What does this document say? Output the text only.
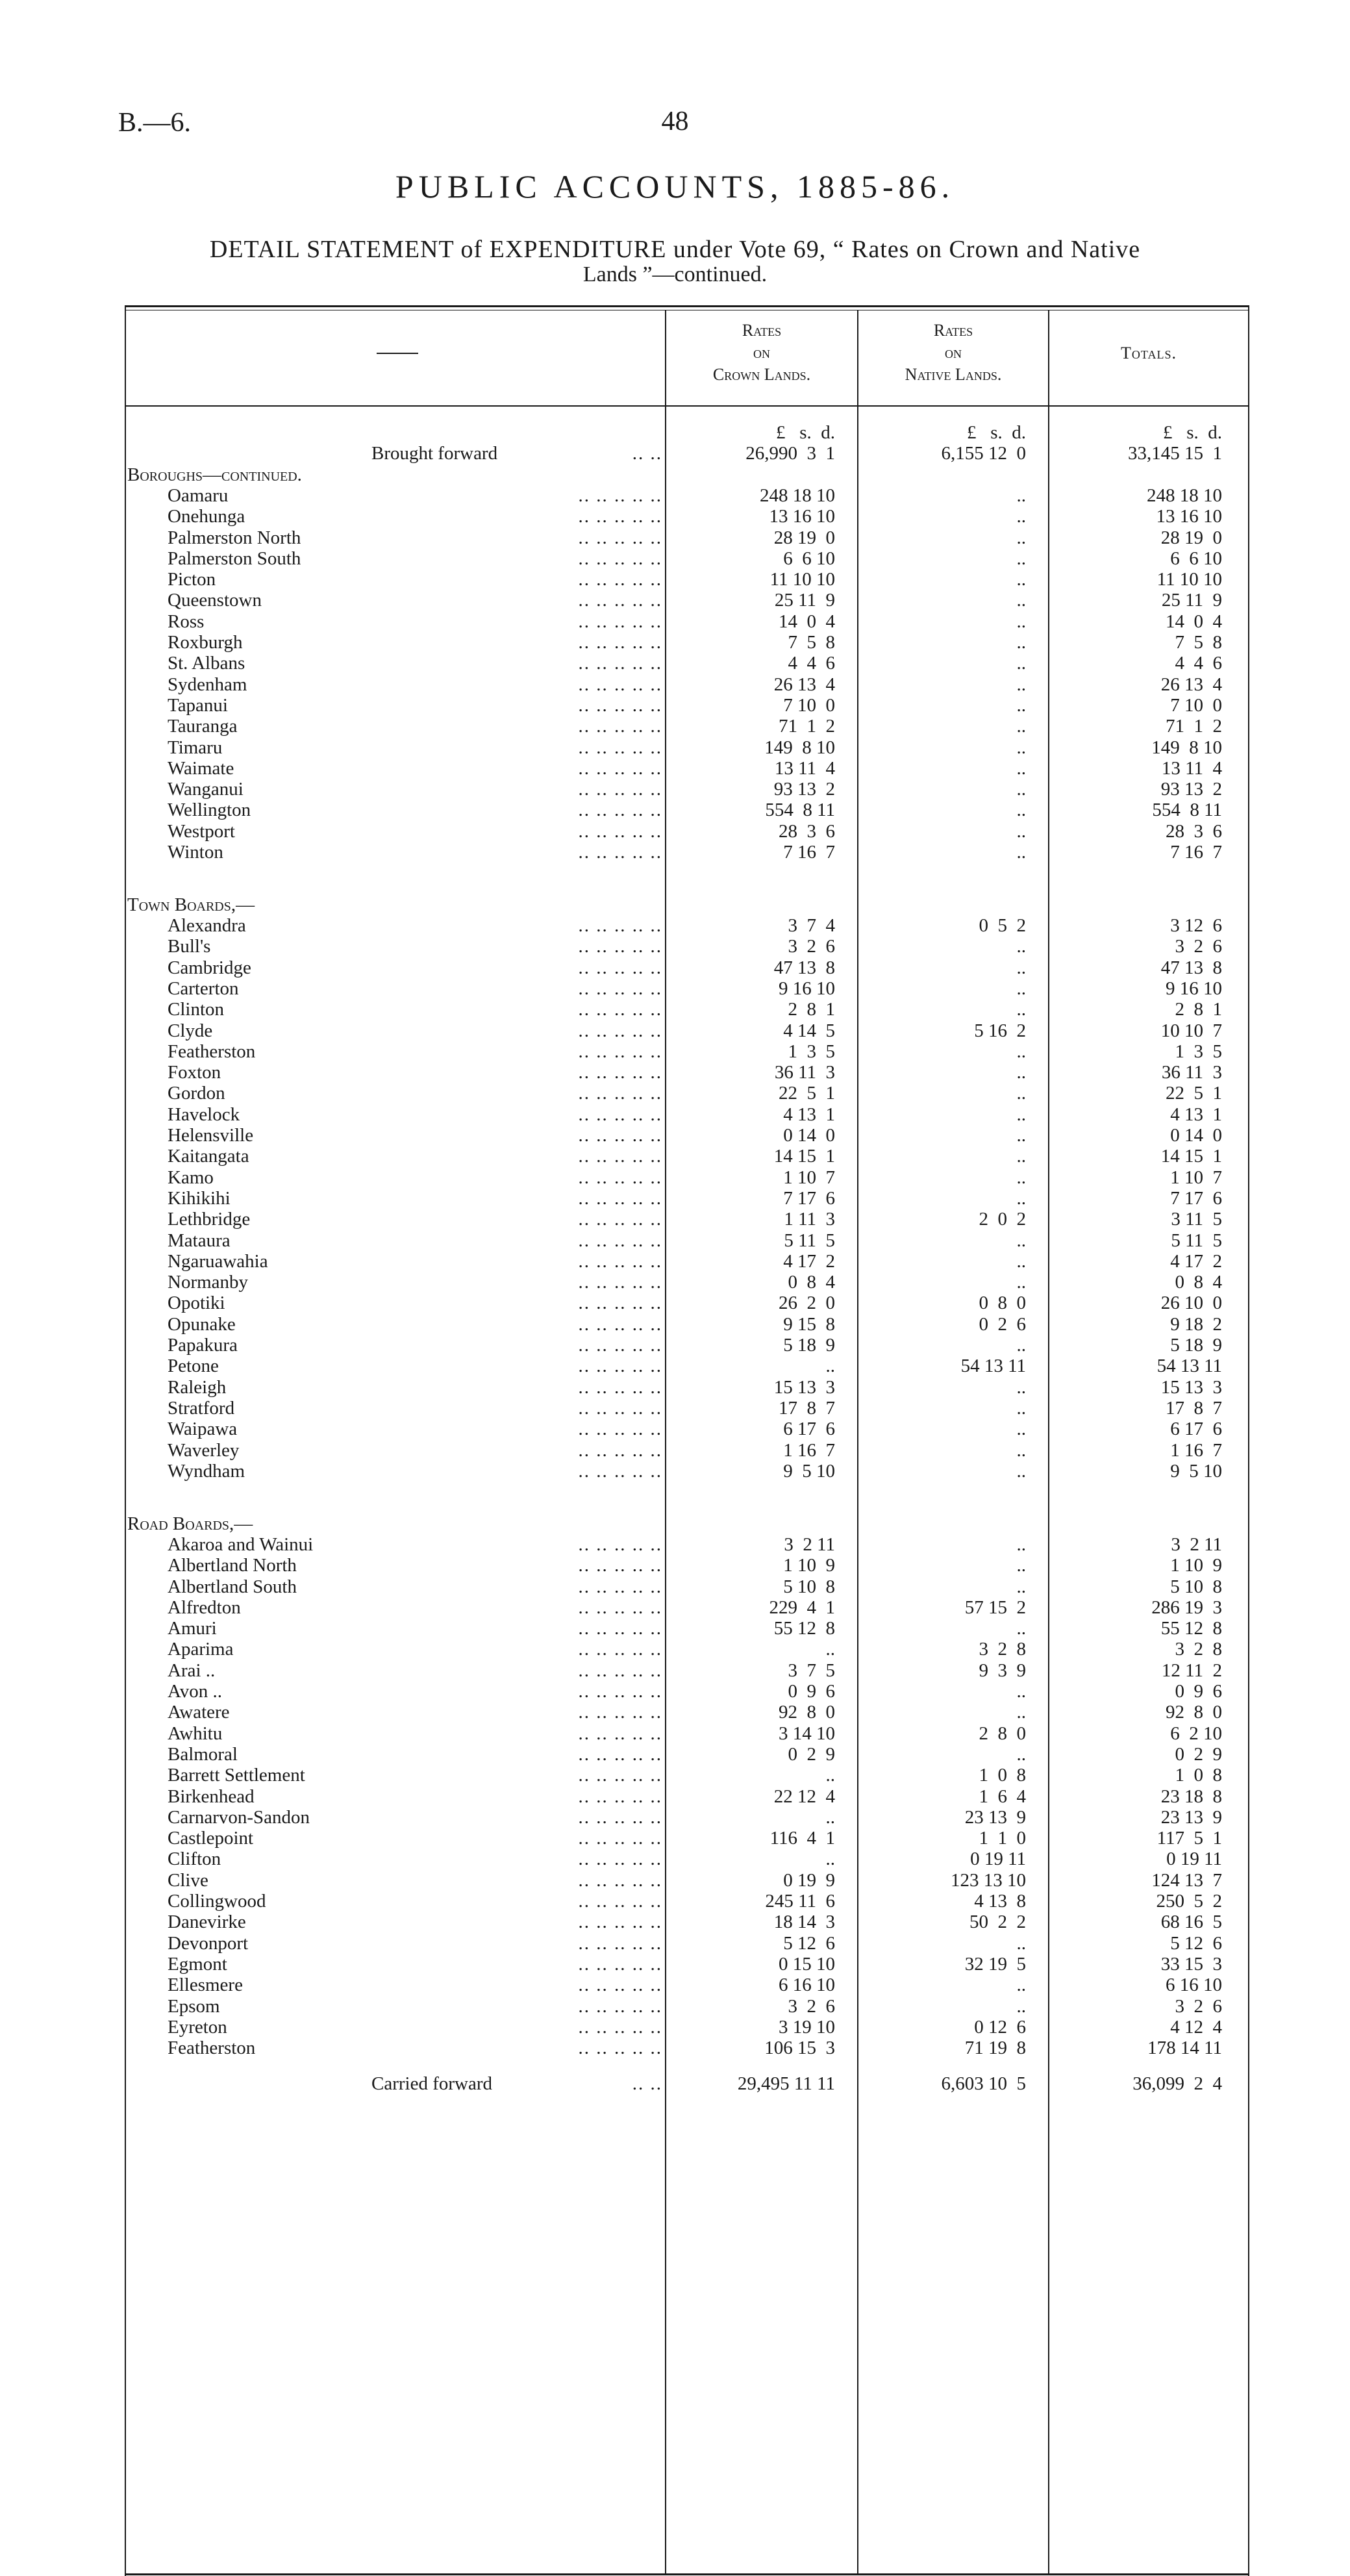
B.—6.	48
PUBLIC ACCOUNTS, 1885-86.
DETAIL STATEMENT of EXPENDITURE under Vote 69, “ Rates on Crown and Native
Lands ”—continued.
Rates
on
Crown Lands.
Rates
on
Native Lands.
Totals.
£   s.  d.	£   s.  d.	£   s.  d.
Brought forward	.. ..	26,990  3  1	6,155 12  0	33,145 15  1
Boroughs—continued.
Oamaru	.. .. .. .. ..	248 18 10	..	248 18 10
Onehunga	.. .. .. .. ..	13 16 10	..	13 16 10
Palmerston North	.. .. .. .. ..	28 19  0	..	28 19  0
Palmerston South	.. .. .. .. ..	6  6 10	..	6  6 10
Picton	.. .. .. .. ..	11 10 10	..	11 10 10
Queenstown	.. .. .. .. ..	25 11  9	..	25 11  9
Ross	.. .. .. .. ..	14  0  4	..	14  0  4
Roxburgh	.. .. .. .. ..	7  5  8	..	7  5  8
St. Albans	.. .. .. .. ..	4  4  6	..	4  4  6
Sydenham	.. .. .. .. ..	26 13  4	..	26 13  4
Tapanui	.. .. .. .. ..	7 10  0	..	7 10  0
Tauranga	.. .. .. .. ..	71  1  2	..	71  1  2
Timaru	.. .. .. .. ..	149  8 10	..	149  8 10
Waimate	.. .. .. .. ..	13 11  4	..	13 11  4
Wanganui	.. .. .. .. ..	93 13  2	..	93 13  2
Wellington	.. .. .. .. ..	554  8 11	..	554  8 11
Westport	.. .. .. .. ..	28  3  6	..	28  3  6
Winton	.. .. .. .. ..	7 16  7	..	7 16  7
Town Boards,—
Alexandra	.. .. .. .. ..	3  7  4	0  5  2	3 12  6
Bull's	.. .. .. .. ..	3  2  6	..	3  2  6
Cambridge	.. .. .. .. ..	47 13  8	..	47 13  8
Carterton	.. .. .. .. ..	9 16 10	..	9 16 10
Clinton	.. .. .. .. ..	2  8  1	..	2  8  1
Clyde	.. .. .. .. ..	4 14  5	5 16  2	10 10  7
Featherston	.. .. .. .. ..	1  3  5	..	1  3  5
Foxton	.. .. .. .. ..	36 11  3	..	36 11  3
Gordon	.. .. .. .. ..	22  5  1	..	22  5  1
Havelock	.. .. .. .. ..	4 13  1	..	4 13  1
Helensville	.. .. .. .. ..	0 14  0	..	0 14  0
Kaitangata	.. .. .. .. ..	14 15  1	..	14 15  1
Kamo	.. .. .. .. ..	1 10  7	..	1 10  7
Kihikihi	.. .. .. .. ..	7 17  6	..	7 17  6
Lethbridge	.. .. .. .. ..	1 11  3	2  0  2	3 11  5
Mataura	.. .. .. .. ..	5 11  5	..	5 11  5
Ngaruawahia	.. .. .. .. ..	4 17  2	..	4 17  2
Normanby	.. .. .. .. ..	0  8  4	..	0  8  4
Opotiki	.. .. .. .. ..	26  2  0	0  8  0	26 10  0
Opunake	.. .. .. .. ..	9 15  8	0  2  6	9 18  2
Papakura	.. .. .. .. ..	5 18  9	..	5 18  9
Petone	.. .. .. .. ..	..	54 13 11	54 13 11
Raleigh	.. .. .. .. ..	15 13  3	..	15 13  3
Stratford	.. .. .. .. ..	17  8  7	..	17  8  7
Waipawa	.. .. .. .. ..	6 17  6	..	6 17  6
Waverley	.. .. .. .. ..	1 16  7	..	1 16  7
Wyndham	.. .. .. .. ..	9  5 10	..	9  5 10
Road Boards,—
Akaroa and Wainui	.. .. .. .. ..	3  2 11	..	3  2 11
Albertland North	.. .. .. .. ..	1 10  9	..	1 10  9
Albertland South	.. .. .. .. ..	5 10  8	..	5 10  8
Alfredton	.. .. .. .. ..	229  4  1	57 15  2	286 19  3
Amuri	.. .. .. .. ..	55 12  8	..	55 12  8
Aparima	.. .. .. .. ..	..	3  2  8	3  2  8
Arai ..	.. .. .. .. ..	3  7  5	9  3  9	12 11  2
Avon ..	.. .. .. .. ..	0  9  6	..	0  9  6
Awatere	.. .. .. .. ..	92  8  0	..	92  8  0
Awhitu	.. .. .. .. ..	3 14 10	2  8  0	6  2 10
Balmoral	.. .. .. .. ..	0  2  9	..	0  2  9
Barrett Settlement	.. .. .. .. ..	..	1  0  8	1  0  8
Birkenhead	.. .. .. .. ..	22 12  4	1  6  4	23 18  8
Carnarvon-Sandon	.. .. .. .. ..	..	23 13  9	23 13  9
Castlepoint	.. .. .. .. ..	116  4  1	1  1  0	117  5  1
Clifton	.. .. .. .. ..	..	0 19 11	0 19 11
Clive	.. .. .. .. ..	0 19  9	123 13 10	124 13  7
Collingwood	.. .. .. .. ..	245 11  6	4 13  8	250  5  2
Danevirke	.. .. .. .. ..	18 14  3	50  2  2	68 16  5
Devonport	.. .. .. .. ..	5 12  6	..	5 12  6
Egmont	.. .. .. .. ..	0 15 10	32 19  5	33 15  3
Ellesmere	.. .. .. .. ..	6 16 10	..	6 16 10
Epsom	.. .. .. .. ..	3  2  6	..	3  2  6
Eyreton	.. .. .. .. ..	3 19 10	0 12  6	4 12  4
Featherston	.. .. .. .. ..	106 15  3	71 19  8	178 14 11
Carried forward	.. ..	29,495 11 11	6,603 10  5	36,099  2  4
